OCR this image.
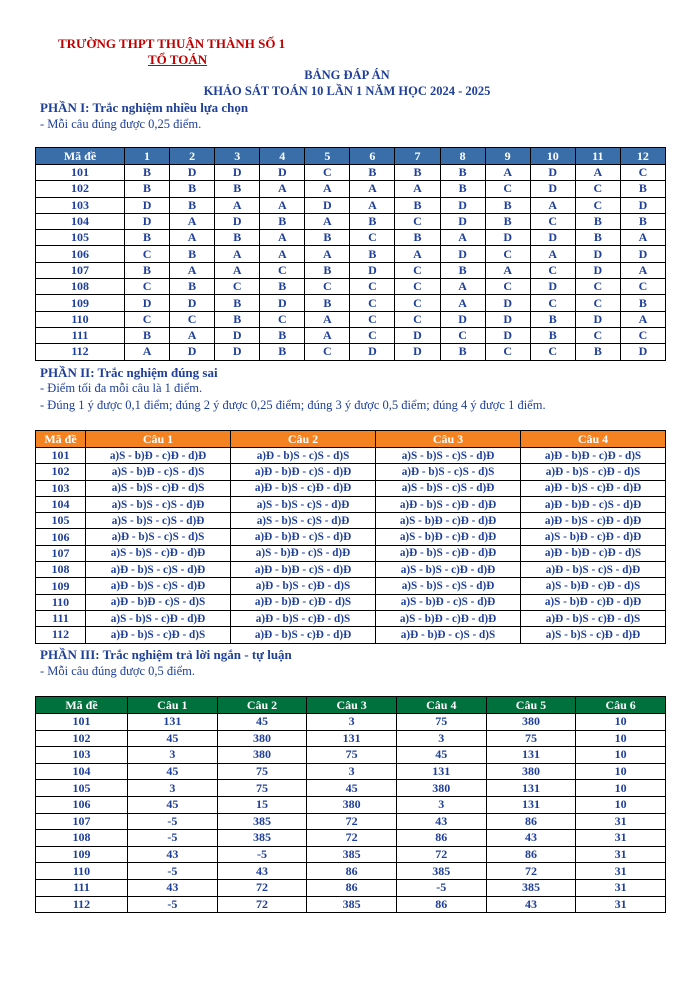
TRƯỜNG THPT THUẬN THÀNH SỐ 1
TỔ TOÁN
BẢNG ĐÁP ÁN
KHẢO SÁT TOÁN 10 LẦN 1 NĂM HỌC 2024 - 2025
PHẦN I: Trắc nghiệm nhiều lựa chọn
- Mỗi câu đúng được 0,25 điểm.
Mã đề	1	2	3	4	5	6	7	8	9	10	11	12
101	B	D	D	D	C	B	B	B	A	D	A	C
102	B	B	B	A	A	A	A	B	C	D	C	B
103	D	B	A	A	D	A	B	D	B	A	C	D
104	D	A	D	B	A	B	C	D	B	C	B	B
105	B	A	B	A	B	C	B	A	D	D	B	A
106	C	B	A	A	A	B	A	D	C	A	D	D
107	B	A	A	C	B	D	C	B	A	C	D	A
108	C	B	C	B	C	C	C	A	C	D	C	C
109	D	D	B	D	B	C	C	A	D	C	C	B
110	C	C	B	C	A	C	C	D	D	B	D	A
111	B	A	D	B	A	C	D	C	D	B	C	C
112	A	D	D	B	C	D	D	B	C	C	B	D
PHẦN II: Trắc nghiệm đúng sai
- Điểm tối đa mỗi câu là 1 điểm.
- Đúng 1 ý được 0,1 điểm; đúng 2 ý được 0,25 điểm; đúng 3 ý được 0,5 điểm; đúng 4 ý được 1 điểm.
Mã đề	Câu 1	Câu 2	Câu 3	Câu 4
101	a)S - b)Đ - c)Đ - d)Đ	a)Đ - b)S - c)S - d)S	a)S - b)S - c)S - d)Đ	a)Đ - b)Đ - c)Đ - d)S
102	a)S - b)Đ - c)S - d)S	a)Đ - b)Đ - c)S - d)Đ	a)Đ - b)S - c)S - d)S	a)Đ - b)S - c)Đ - d)S
103	a)S - b)S - c)Đ - d)S	a)Đ - b)S - c)Đ - d)Đ	a)S - b)S - c)S - d)Đ	a)Đ - b)S - c)Đ - d)Đ
104	a)S - b)S - c)S - d)Đ	a)S - b)S - c)S - d)Đ	a)Đ - b)S - c)Đ - d)Đ	a)Đ - b)Đ - c)S - d)Đ
105	a)S - b)S - c)S - d)Đ	a)S - b)S - c)S - d)Đ	a)S - b)Đ - c)Đ - d)Đ	a)Đ - b)S - c)Đ - d)Đ
106	a)Đ - b)S - c)S - d)S	a)Đ - b)Đ - c)S - d)Đ	a)S - b)Đ - c)Đ - d)Đ	a)S - b)Đ - c)Đ - d)Đ
107	a)S - b)S - c)Đ - d)Đ	a)S - b)Đ - c)S - d)Đ	a)Đ - b)S - c)Đ - d)Đ	a)Đ - b)Đ - c)Đ - d)S
108	a)Đ - b)S - c)S - d)Đ	a)Đ - b)Đ - c)S - d)Đ	a)S - b)S - c)Đ - d)Đ	a)Đ - b)S - c)S - d)Đ
109	a)Đ - b)S - c)S - d)Đ	a)Đ - b)S - c)Đ - d)S	a)S - b)S - c)S - d)Đ	a)S - b)Đ - c)Đ - d)S
110	a)Đ - b)Đ - c)S - d)S	a)Đ - b)Đ - c)Đ - d)S	a)S - b)Đ - c)S - d)Đ	a)S - b)Đ - c)Đ - d)Đ
111	a)S - b)S - c)Đ - d)Đ	a)Đ - b)S - c)Đ - d)S	a)S - b)Đ - c)Đ - d)Đ	a)Đ - b)S - c)Đ - d)S
112	a)Đ - b)S - c)Đ - d)S	a)Đ - b)S - c)Đ - d)Đ	a)Đ - b)Đ - c)S - d)S	a)S - b)S - c)Đ - d)Đ
PHẦN III: Trắc nghiệm trả lời ngắn - tự luận
- Mỗi câu đúng được 0,5 điểm.
Mã đề	Câu 1	Câu 2	Câu 3	Câu 4	Câu 5	Câu 6
101	131	45	3	75	380	10
102	45	380	131	3	75	10
103	3	380	75	45	131	10
104	45	75	3	131	380	10
105	3	75	45	380	131	10
106	45	15	380	3	131	10
107	-5	385	72	43	86	31
108	-5	385	72	86	43	31
109	43	-5	385	72	86	31
110	-5	43	86	385	72	31
111	43	72	86	-5	385	31
112	-5	72	385	86	43	31
